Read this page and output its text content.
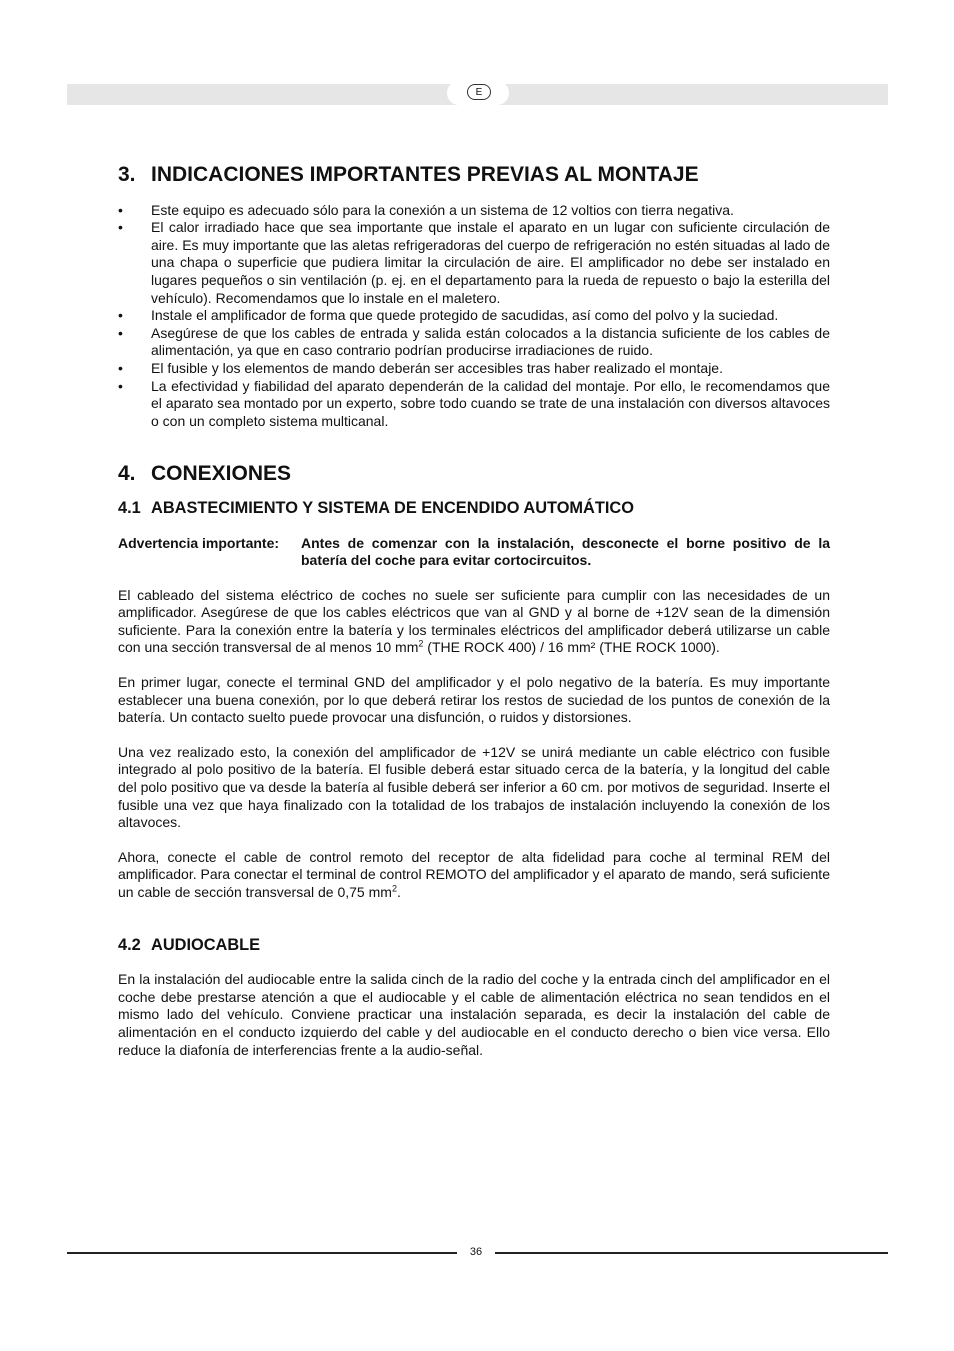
E
3. INDICACIONES IMPORTANTES PREVIAS AL MONTAJE
•	Este equipo es adecuado sólo para la conexión a un sistema de 12 voltios con tierra negativa.
•	El calor irradiado hace que sea importante que instale el aparato en un lugar con suficiente circulación de aire. Es muy importante que las aletas refrigeradoras del cuerpo de refrigeración no estén situadas al lado de una chapa o superficie que pudiera limitar la circulación de aire. El amplificador no debe ser instalado en lugares pequeños o sin ventilación (p. ej. en el departamento para la rueda de repuesto o bajo la esterilla del vehículo). Recomendamos que lo instale en el maletero.
•	Instale el amplificador de forma que quede protegido de sacudidas, así como del polvo y la suciedad.
•	Asegúrese de que los cables de entrada y salida están colocados a la distancia suficiente de los cables de alimentación, ya que en caso contrario podrían producirse irradiaciones de ruido.
•	El fusible y los elementos de mando deberán ser accesibles tras haber realizado el montaje.
•	La efectividad y fiabilidad del aparato dependerán de la calidad del montaje. Por ello, le recomendamos que el aparato sea montado por un experto, sobre todo cuando se trate de una instalación con diversos altavoces o con un completo sistema multicanal.
4. CONEXIONES
4.1 ABASTECIMIENTO Y SISTEMA DE ENCENDIDO AUTOMÁTICO
Advertencia importante:	Antes de comenzar con la instalación, desconecte el borne positivo de la batería del coche para evitar cortocircuitos.

El cableado del sistema eléctrico de coches no suele ser suficiente para cumplir con las necesidades de un amplificador. Asegúrese de que los cables eléctricos que van al GND y al borne de +12V sean de la dimensión suficiente. Para la conexión entre la batería y los terminales eléctricos del amplificador deberá utilizarse un cable con una sección transversal de al menos 10 $mm^2$ (THE ROCK 400) / 16 mm² (THE ROCK 1000).

En primer lugar, conecte el terminal GND del amplificador y el polo negativo de la batería. Es muy importante establecer una buena conexión, por lo que deberá retirar los restos de suciedad de los puntos de conexión de la batería. Un contacto suelto puede provocar una disfunción, o ruidos y distorsiones.

Una vez realizado esto, la conexión del amplificador de +12V se unirá mediante un cable eléctrico con fusible integrado al polo positivo de la batería. El fusible deberá estar situado cerca de la batería, y la longitud del cable del polo positivo que va desde la batería al fusible deberá ser inferior a 60 cm. por motivos de seguridad. Inserte el fusible una vez que haya finalizado con la totalidad de los trabajos de instalación incluyendo la conexión de los altavoces.

Ahora, conecte el cable de control remoto del receptor de alta fidelidad para coche al terminal REM del amplificador. Para conectar el terminal de control REMOTO del amplificador y el aparato de mando, será suficiente un cable de sección transversal de 0,75 $mm^2$.

4.2 AUDIOCABLE

En la instalación del audiocable entre la salida cinch de la radio del coche y la entrada cinch del amplificador en el coche debe prestarse atención a que el audiocable y el cable de alimentación eléctrica no sean tendidos en el mismo lado del vehículo. Conviene practicar una instalación separada, es decir la instalación del cable de alimentación en el conducto izquierdo del cable y del audiocable en el conducto derecho o bien vice versa. Ello reduce la diafonía de interferencias frente a la audio-señal.

36
